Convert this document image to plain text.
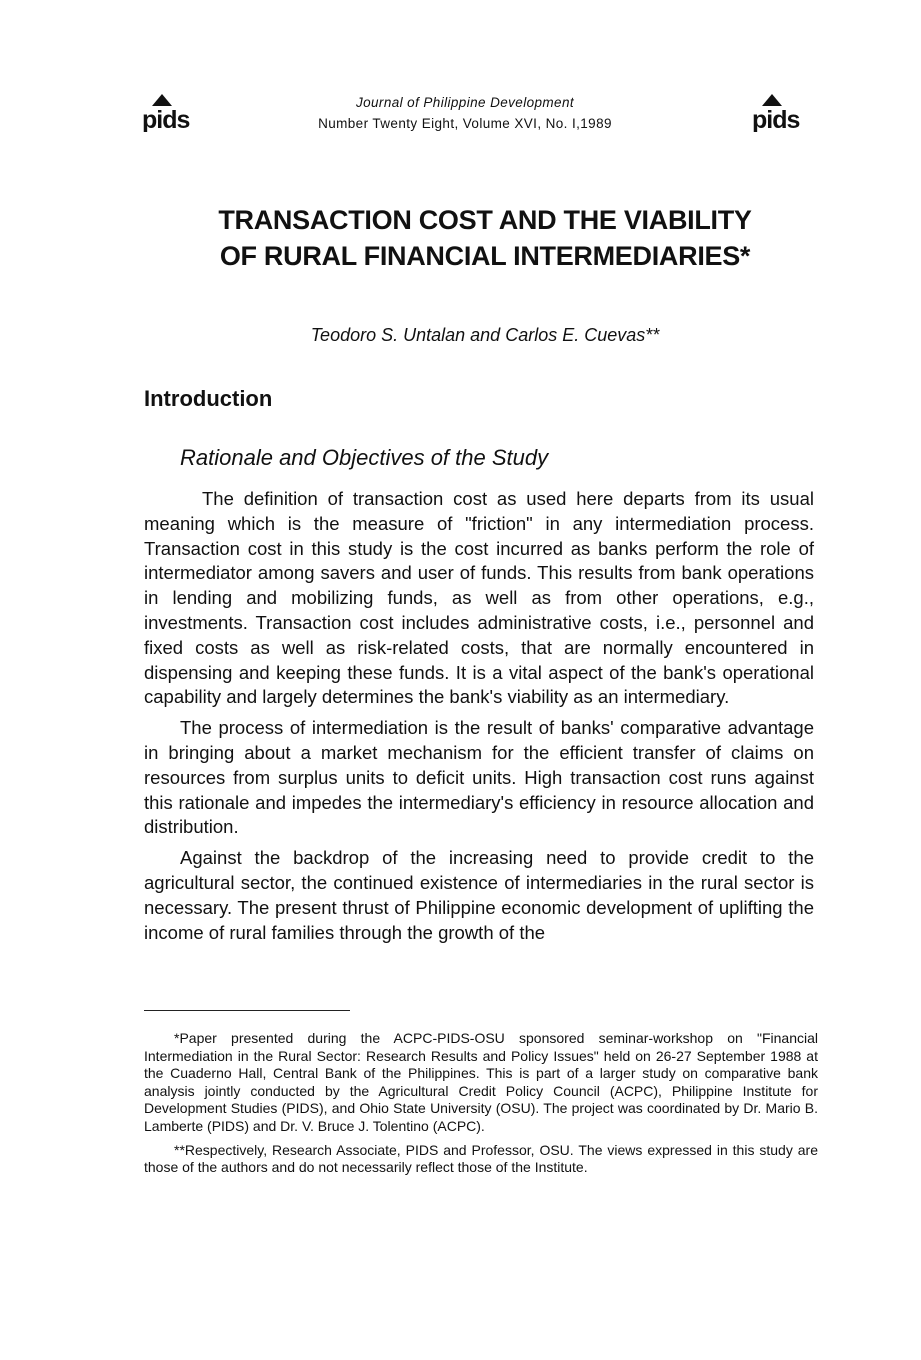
pids
Journal of Philippine Development
Number Twenty Eight, Volume XVI, No. I,1989	pids
TRANSACTION COST AND THE VIABILITY
OF RURAL FINANCIAL INTERMEDIARIES*
Teodoro S. Untalan and Carlos E. Cuevas**
Introduction
Rationale and Objectives of the Study

The definition of transaction cost as used here departs from its usual meaning which is the measure of "friction" in any intermediation process. Transaction cost in this study is the cost incurred as banks perform the role of intermediator among savers and user of funds. This results from bank operations in lending and mobilizing funds, as well as from other operations, e.g., investments. Transaction cost includes administrative costs, i.e., personnel and fixed costs as well as risk-related costs, that are normally encountered in dispensing and keeping these funds. It is a vital aspect of the bank's operational capability and largely determines the bank's viability as an intermediary.

The process of intermediation is the result of banks' comparative advantage in bringing about a market mechanism for the efficient transfer of claims on resources from surplus units to deficit units. High transaction cost runs against this rationale and impedes the intermediary's efficiency in resource allocation and distribution.

Against the backdrop of the increasing need to provide credit to the agricultural sector, the continued existence of intermediaries in the rural sector is necessary. The present thrust of Philippine economic development of uplifting the income of rural families through the growth of the

*Paper presented during the ACPC-PIDS-OSU sponsored seminar-workshop on "Financial Intermediation in the Rural Sector: Research Results and Policy Issues" held on 26-27 September 1988 at the Cuaderno Hall, Central Bank of the Philippines. This is part of a larger study on comparative bank analysis jointly conducted by the Agricultural Credit Policy Council (ACPC), Philippine Institute for Development Studies (PIDS), and Ohio State University (OSU). The project was coordinated by Dr. Mario B. Lamberte (PIDS) and Dr. V. Bruce J. Tolentino (ACPC).

**Respectively, Research Associate, PIDS and Professor, OSU. The views expressed in this study are those of the authors and do not necessarily reflect those of the Institute.
